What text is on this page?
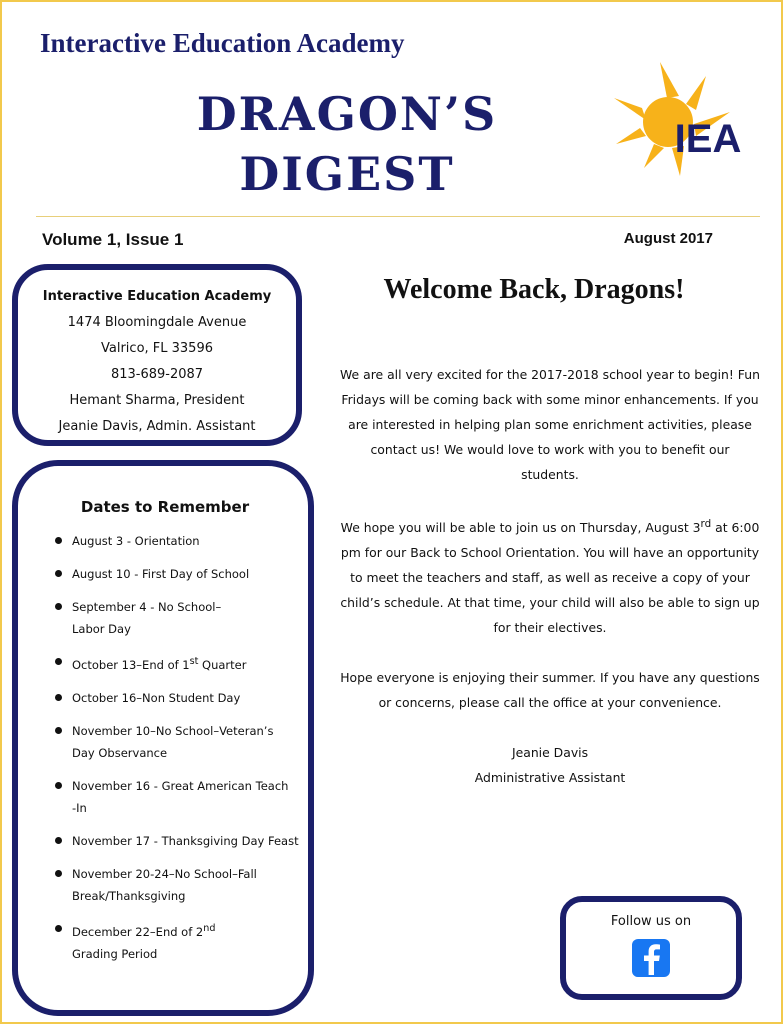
Interactive Education Academy
DRAGON’S
DIGEST
IEA

Volume 1, Issue 1	August 2017

Interactive Education Academy
1474 Bloomingdale Avenue
Valrico, FL 33596
813-689-2087
Hemant Sharma, President
Jeanie Davis, Admin. Assistant
Dates to Remember
August 3 - Orientation
August 10 - First Day of School
September 4 - No School–
Labor Day
October 13–End of 1st Quarter
October 16–Non Student Day
November 10–No School–Veteran’s
Day Observance
November 16 - Great American Teach
-In
November 17 - Thanksgiving Day Feast
November 20-24–No School–Fall
Break/Thanksgiving
December 22–End of 2nd
Grading Period
Welcome Back, Dragons!

We are all very excited for the 2017-2018 school year to begin! Fun Fridays will be coming back with some minor enhancements. If you are interested in helping plan some enrichment activities, please contact us! We would love to work with you to benefit our students.

We hope you will be able to join us on Thursday, August 3rd at 6:00 pm for our Back to School Orientation. You will have an opportunity to meet the teachers and staff, as well as receive a copy of your child’s schedule. At that time, your child will also be able to sign up for their electives.

Hope everyone is enjoying their summer. If you have any questions or concerns, please call the office at your convenience.

Jeanie Davis
Administrative Assistant
Follow us on
